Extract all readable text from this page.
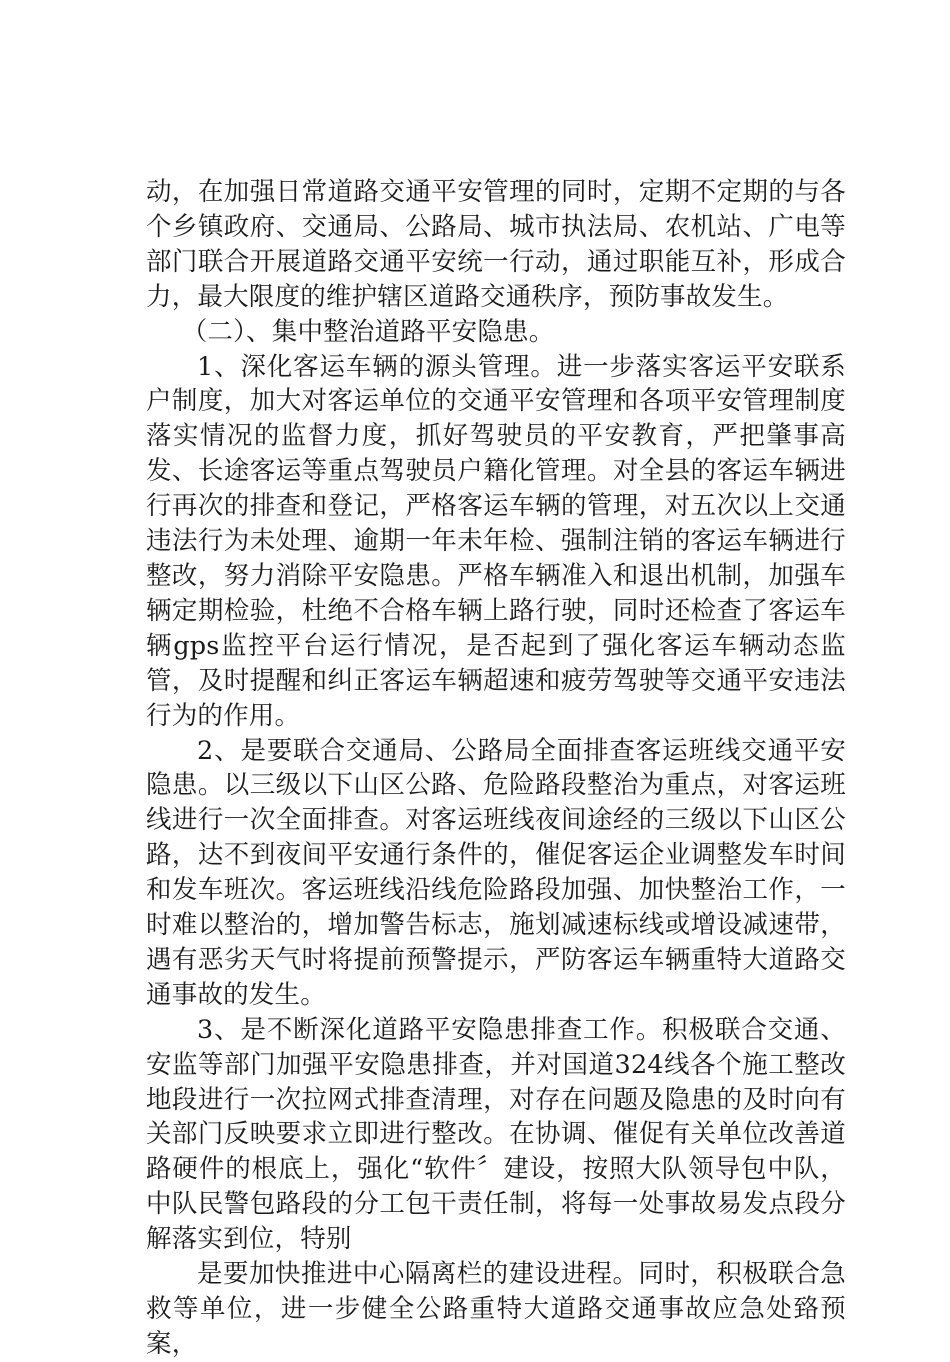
动，在加强日常道路交通平安管理的同时，定期不定期的与各个乡镇政府、交通局、公路局、城市执法局、农机站、广电等部门联合开展道路交通平安统一行动，通过职能互补，形成合力，最大限度的维护辖区道路交通秩序，预防事故发生。

（二）、集中整治道路平安隐患。

1、深化客运车辆的源头管理。进一步落实客运平安联系户制度，加大对客运单位的交通平安管理和各项平安管理制度落实情况的监督力度，抓好驾驶员的平安教育，严把肇事高发、长途客运等重点驾驶员户籍化管理。对全县的客运车辆进行再次的排查和登记，严格客运车辆的管理，对五次以上交通违法行为未处理、逾期一年未年检、强制注销的客运车辆进行整改，努力消除平安隐患。严格车辆准入和退出机制，加强车辆定期检验，杜绝不合格车辆上路行驶，同时还检查了客运车辆gps监控平台运行情况，是否起到了强化客运车辆动态监管，及时提醒和纠正客运车辆超速和疲劳驾驶等交通平安违法行为的作用。

2、是要联合交通局、公路局全面排查客运班线交通平安隐患。以三级以下山区公路、危险路段整治为重点，对客运班线进行一次全面排查。对客运班线夜间途经的三级以下山区公路，达不到夜间平安通行条件的，催促客运企业调整发车时间和发车班次。客运班线沿线危险路段加强、加快整治工作，一时难以整治的，增加警告标志，施划减速标线或增设减速带，遇有恶劣天气时将提前预警提示，严防客运车辆重特大道路交通事故的发生。

3、是不断深化道路平安隐患排查工作。积极联合交通、安监等部门加强平安隐患排查，并对国道324线各个施工整改地段进行一次拉网式排查清理，对存在问题及隐患的及时向有关部门反映要求立即进行整改。在协调、催促有关单位改善道路硬件的根底上，强化“软件〞建设，按照大队领导包中队，中队民警包路段的分工包干责任制，将每一处事故易发点段分解落实到位，特别

是要加快推进中心隔离栏的建设进程。同时，积极联合急救等单位，进一步健全公路重特大道路交通事故应急处臵预案，
